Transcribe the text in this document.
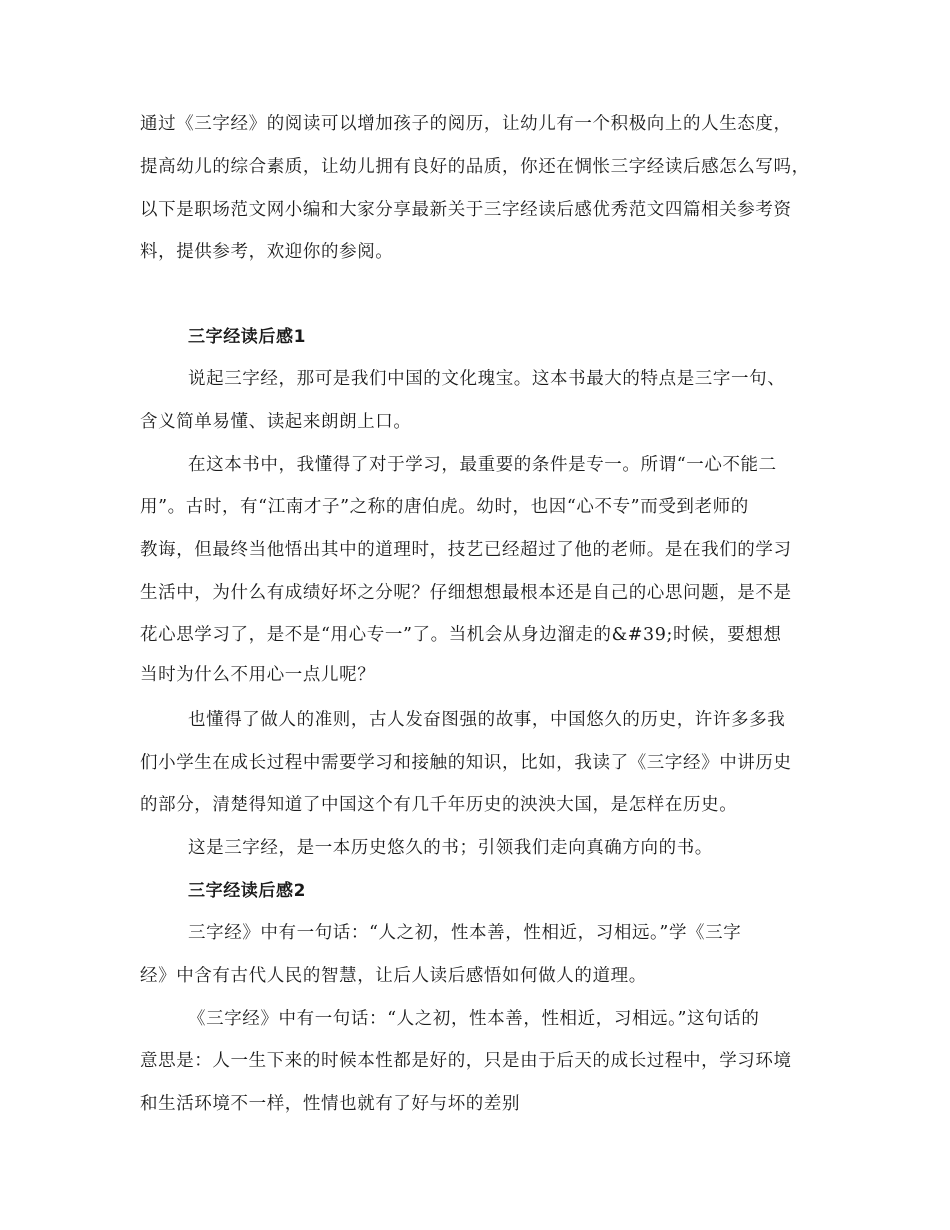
通过《三字经》的阅读可以增加孩子的阅历，让幼儿有一个积极向上的人生态度，
提高幼儿的综合素质，让幼儿拥有良好的品质，你还在惆怅三字经读后感怎么写吗，
以下是职场范文网小编和大家分享最新关于三字经读后感优秀范文四篇相关参考资
料，提供参考，欢迎你的参阅。
三字经读后感1
说起三字经，那可是我们中国的文化瑰宝。这本书最大的特点是三字一句、
含义简单易懂、读起来朗朗上口。
在这本书中，我懂得了对于学习，最重要的条件是专一。所谓“一心不能二
用”。古时，有“江南才子”之称的唐伯虎。幼时，也因“心不专”而受到老师的
教诲，但最终当他悟出其中的道理时，技艺已经超过了他的老师。是在我们的学习
生活中，为什么有成绩好坏之分呢？仔细想想最根本还是自己的心思问题，是不是
花心思学习了，是不是“用心专一”了。当机会从身边溜走的&#39;时候，要想想
当时为什么不用心一点儿呢？
也懂得了做人的准则，古人发奋图强的故事，中国悠久的历史，许许多多我
们小学生在成长过程中需要学习和接触的知识，比如，我读了《三字经》中讲历史
的部分，清楚得知道了中国这个有几千年历史的泱泱大国，是怎样在历史。
这是三字经，是一本历史悠久的书；引领我们走向真确方向的书。
三字经读后感2
三字经》中有一句话：“人之初，性本善，性相近，习相远。”学《三字
经》中含有古代人民的智慧，让后人读后感悟如何做人的道理。
《三字经》中有一句话：“人之初，性本善，性相近，习相远。”这句话的
意思是：人一生下来的时候本性都是好的，只是由于后天的成长过程中，学习环境
和生活环境不一样，性情也就有了好与坏的差别
